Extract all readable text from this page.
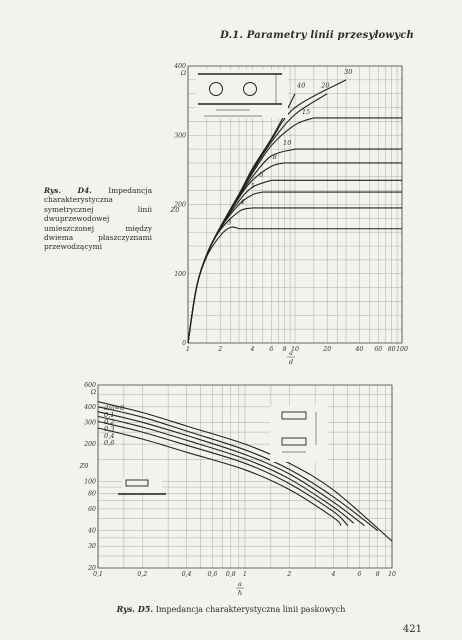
D.1. Parametry linii przesyłowych
Rys. D4. Impedancja charakterystyczna symetrycznej linii dwuprzewodowej umieszczonej między dwiema płaszczyznami przewodzącymi
1	2	4 6 8 10	20	40 60 80 100
0
100
200
300
400
Ω
Z0
a
d
3
4
5
6
8
10
15
20
30
40
0,1	0,2	0,4	0,6 0,8 1	2	4	6 8 10
20
30
40
60
80
100
200
300
400
600
Ω
Z0
a
h
d/a=0
0,1
0,2
0,3
0,4
0,6
Rys. D5. Impedancja charakterystyczna linii paskowych
421
